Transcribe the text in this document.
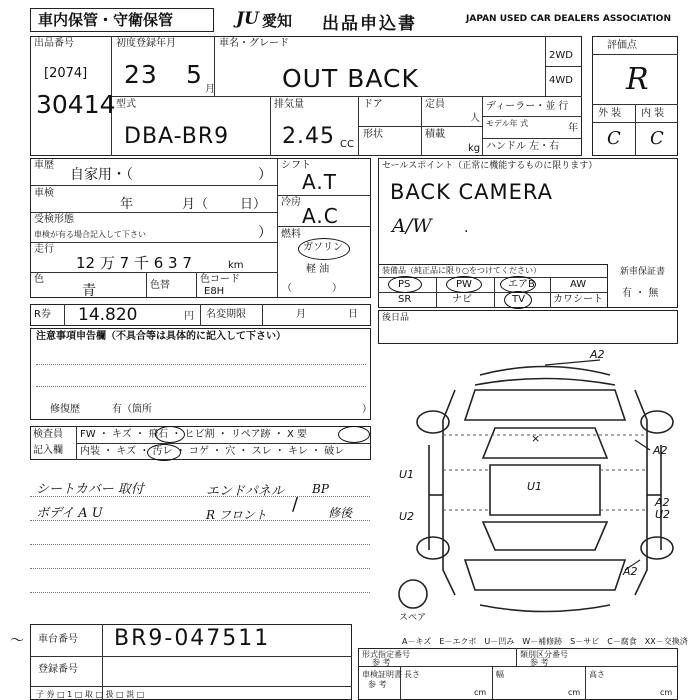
車内保管・守衛保管	JU 愛知 出品申込書	JAPAN USED CAR DEALERS ASSOCIATION
出品番号
[2074]
30414
初度登録年月
23 5
月
車名・グレード
OUT BACK
2WD
4WD
型式
DBA-BR9
排気量
2.45 CC
ドア	定員
人
形状	積載
kg
ディーラー・並 行
モデル年 式	年
ハンドル 左・右
評価点
R
外 装 内 装
C C
車歴
自家用・（	）
車検
年	月（ 日）
受検形態
車検が有る場合記入して下さい	）
走行
12 万 7 千 6 3 7	km
色
青	色替
色コード
E8H
シフト
A.T
冷房
A.C
燃料
ガソリン
軽 油
（　　　　）
セールスポイント（正常に機能するものに限ります）
BACK CAMERA
A/W .
装備品（純正品に限り○をつけてください）
PS	PW	エアB	AW
SR	ナビ	TV	カワシート
新車保証書
有 ・ 無
R券 14.820	円 名変期限	月	日	後日品
注意事項申告欄（不具合等は具体的に記入して下さい）
修復歴	有（箇所	）
検査員
記入欄
FW ・ キズ ・ 飛石 ・ ヒビ割 ・ リペア跡 ・ X 要
内装 ・ キズ ・ 汚レ ・ コゲ ・ 穴 ・ スレ ・ キレ ・ 破レ
シートカバー 取付	エンドパネル BP
ボデイ A U	R フロント / 修後
A2
A2
U1
U1
U2
A2
U2
A2
×
スペア
A－キズ　E－エクボ　U－凹み　W－補修跡　S－サビ　C－腐食　XX－交換済
〜 車台番号 BR9-047511
登録番号
子 券 □ 1 □ 取 □ 扱 □ 説 □
形式指定番号
参 考
類別区分番号
参 考
車検証明書
参 考
長さ
cm
幅
cm
高さ
cm
